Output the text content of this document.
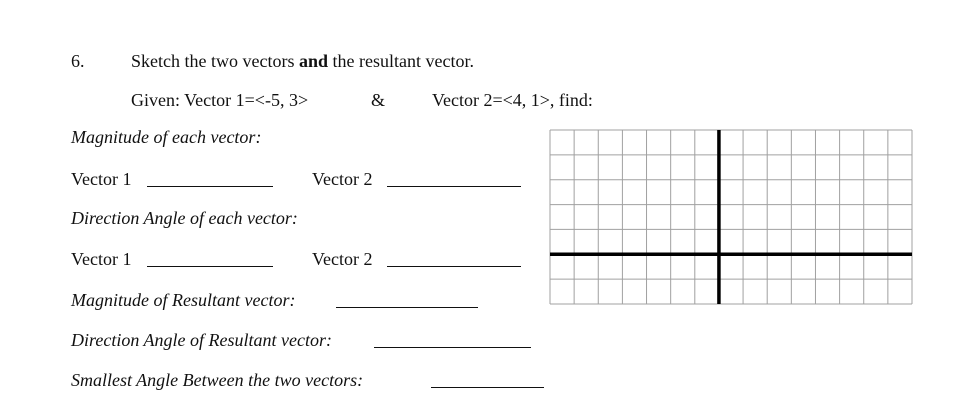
6.	Sketch the two vectors and the resultant vector.
Given: Vector 1=<-5, 3>	&	Vector 2=<4, 1>, find:
Magnitude of each vector:
Vector 1	Vector 2
Direction Angle of each vector:
Vector 1	Vector 2
Magnitude of Resultant vector:
Direction Angle of Resultant vector:
Smallest Angle Between the two vectors:
